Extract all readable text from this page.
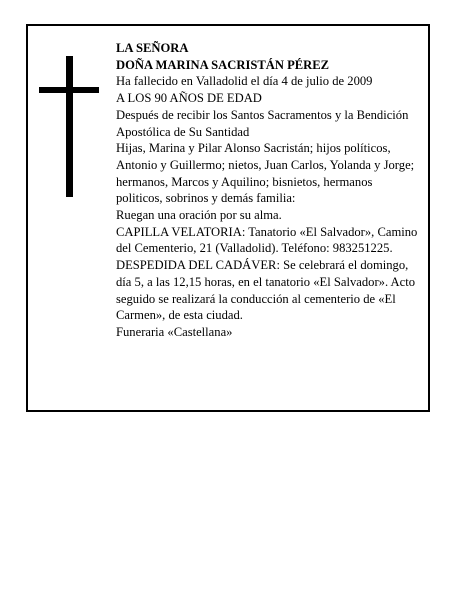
LA SEÑORA
DOÑA MARINA SACRISTÁN PÉREZ
Ha fallecido en Valladolid el día 4 de julio de 2009
A LOS 90 AÑOS DE EDAD
Después de recibir los Santos Sacramentos y la Bendición Apostólica de Su Santidad
Hijas, Marina y Pilar Alonso Sacristán; hijos políticos, Antonio y Guillermo; nietos, Juan Carlos, Yolanda y Jorge; hermanos, Marcos y Aquilino; bisnietos, hermanos politicos, sobrinos y demás familia:
Ruegan una oración por su alma.
CAPILLA VELATORIA: Tanatorio «El Salvador», Camino del Cementerio, 21 (Valladolid). Teléfono: 983251225.
DESPEDIDA DEL CADÁVER: Se celebrará el domingo, día 5, a las 12,15 horas, en el tanatorio «El Salvador». Acto seguido se realizará la conducción al cementerio de «El Carmen», de esta ciudad.
Funeraria «Castellana»
